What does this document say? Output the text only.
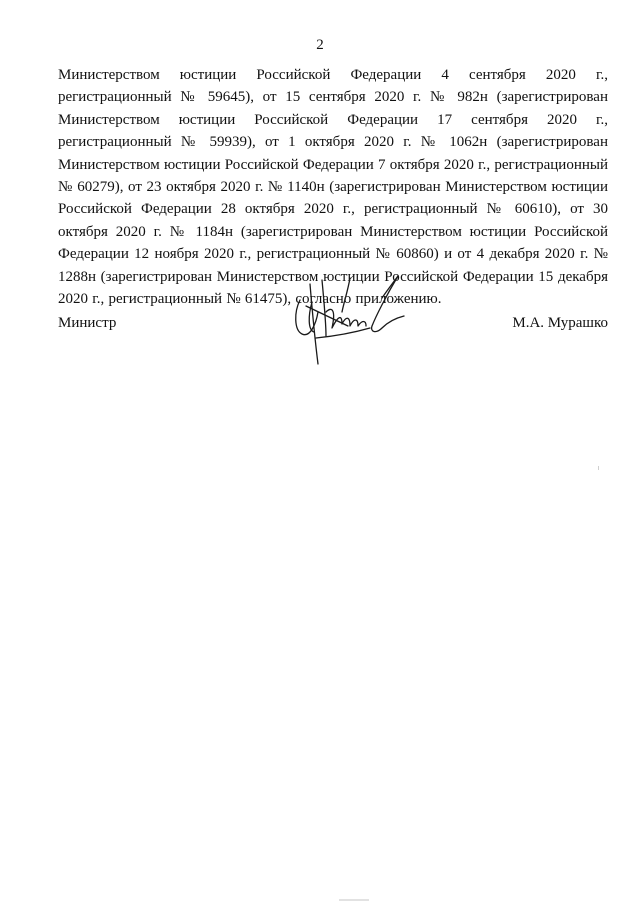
2

Министерством юстиции Российской Федерации 4 сентября 2020 г., регистрационный № 59645), от 15 сентября 2020 г. № 982н (зарегистрирован Министерством юстиции Российской Федерации 17 сентября 2020 г., регистрационный № 59939), от 1 октября 2020 г. № 1062н (зарегистрирован Министерством юстиции Российской Федерации 7 октября 2020 г., регистрационный № 60279), от 23 октября 2020 г. № 1140н (зарегистрирован Министерством юстиции Российской Федерации 28 октября 2020 г., регистрационный № 60610), от 30 октября 2020 г. № 1184н (зарегистрирован Министерством юстиции Российской Федерации 12 ноября 2020 г., регистрационный № 60860) и от 4 декабря 2020 г. № 1288н (зарегистрирован Министерством юстиции Российской Федерации 15 декабря 2020 г., регистрационный № 61475), согласно приложению.

Министр	М.А. Мурашко
